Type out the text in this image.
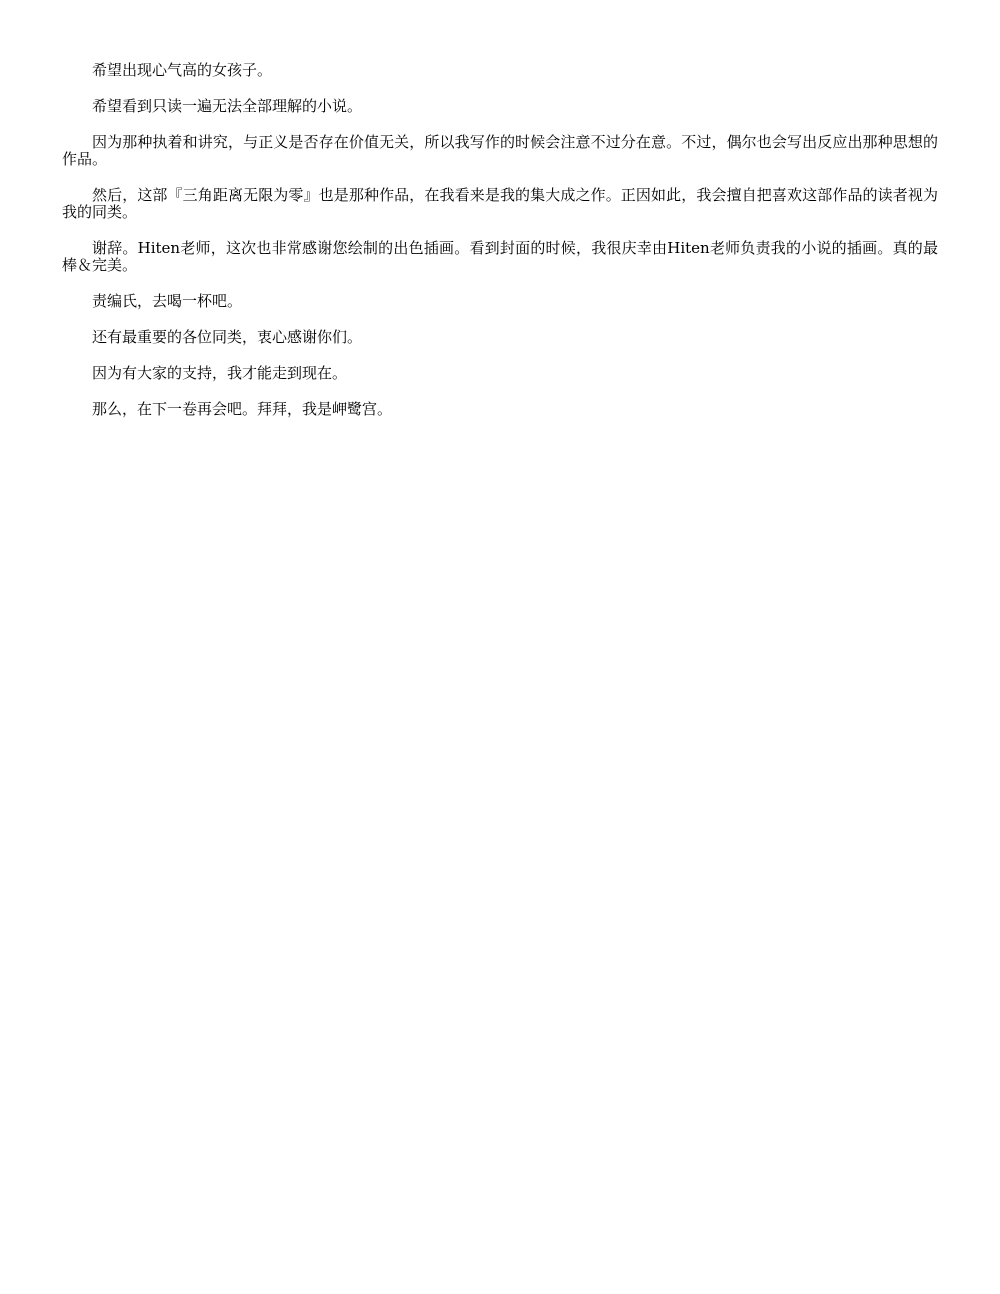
希望出现心气高的女孩子。

希望看到只读一遍无法全部理解的小说。

因为那种执着和讲究，与正义是否存在价值无关，所以我写作的时候会注意不过分在意。不过，偶尔也会写出反应出那种思想的作品。

然后，这部『三角距离无限为零』也是那种作品，在我看来是我的集大成之作。正因如此，我会擅自把喜欢这部作品的读者视为我的同类。

谢辞。Hiten老师，这次也非常感谢您绘制的出色插画。看到封面的时候，我很庆幸由Hiten老师负责我的小说的插画。真的最棒＆完美。

责编氏，去喝一杯吧。

还有最重要的各位同类，衷心感谢你们。

因为有大家的支持，我才能走到现在。

那么，在下一卷再会吧。拜拜，我是岬鹭宫。
